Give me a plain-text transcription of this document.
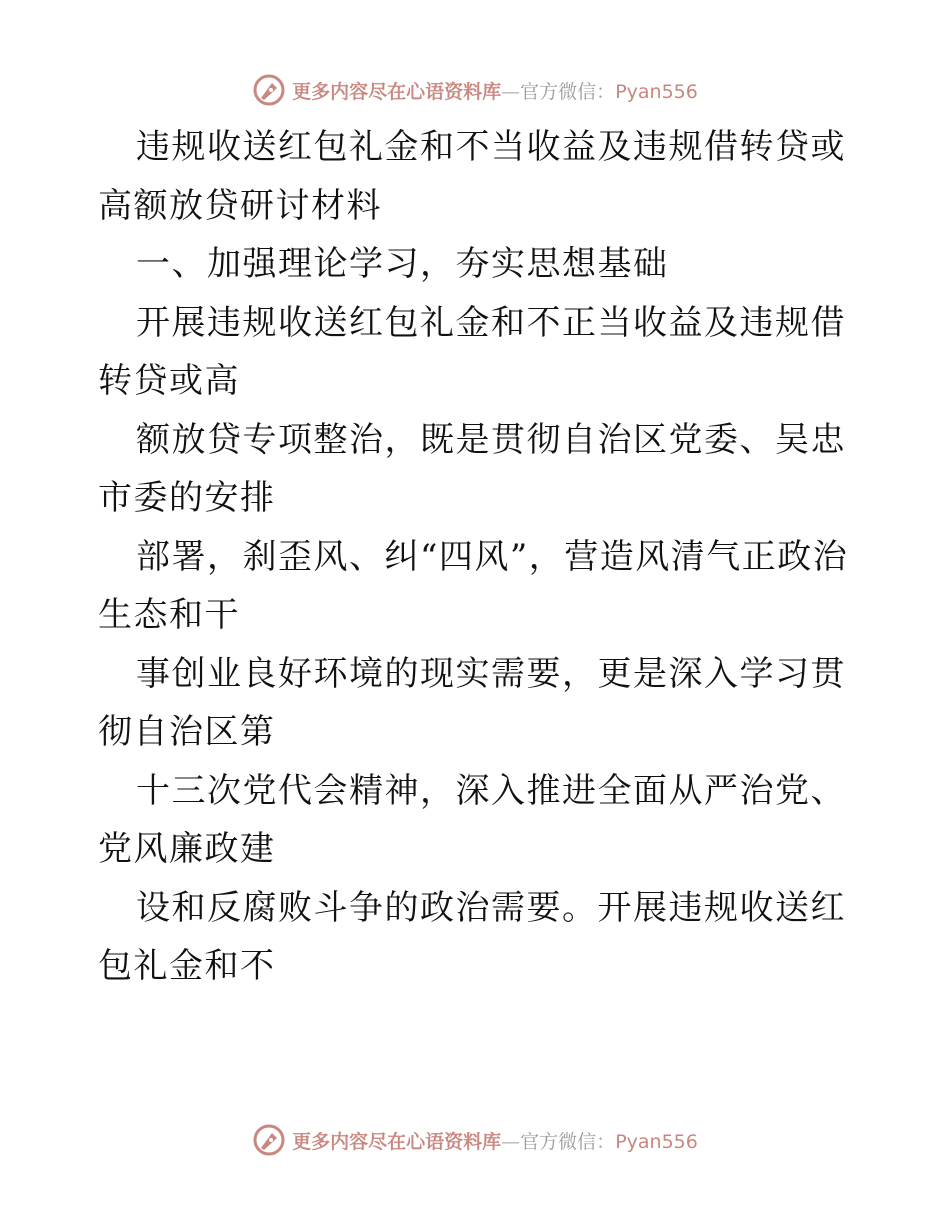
更多内容尽在心语资料库—官方微信：Pyan556

违规收送红包礼金和不当收益及违规借转贷或高额放贷研讨材料

一、加强理论学习，夯实思想基础

开展违规收送红包礼金和不正当收益及违规借转贷或高

额放贷专项整治，既是贯彻自治区党委、吴忠市委的安排

部署，刹歪风、纠“四风”，营造风清气正政治生态和干

事创业良好环境的现实需要，更是深入学习贯彻自治区第

十三次党代会精神，深入推进全面从严治党、党风廉政建

设和反腐败斗争的政治需要。开展违规收送红包礼金和不

更多内容尽在心语资料库—官方微信：Pyan556
